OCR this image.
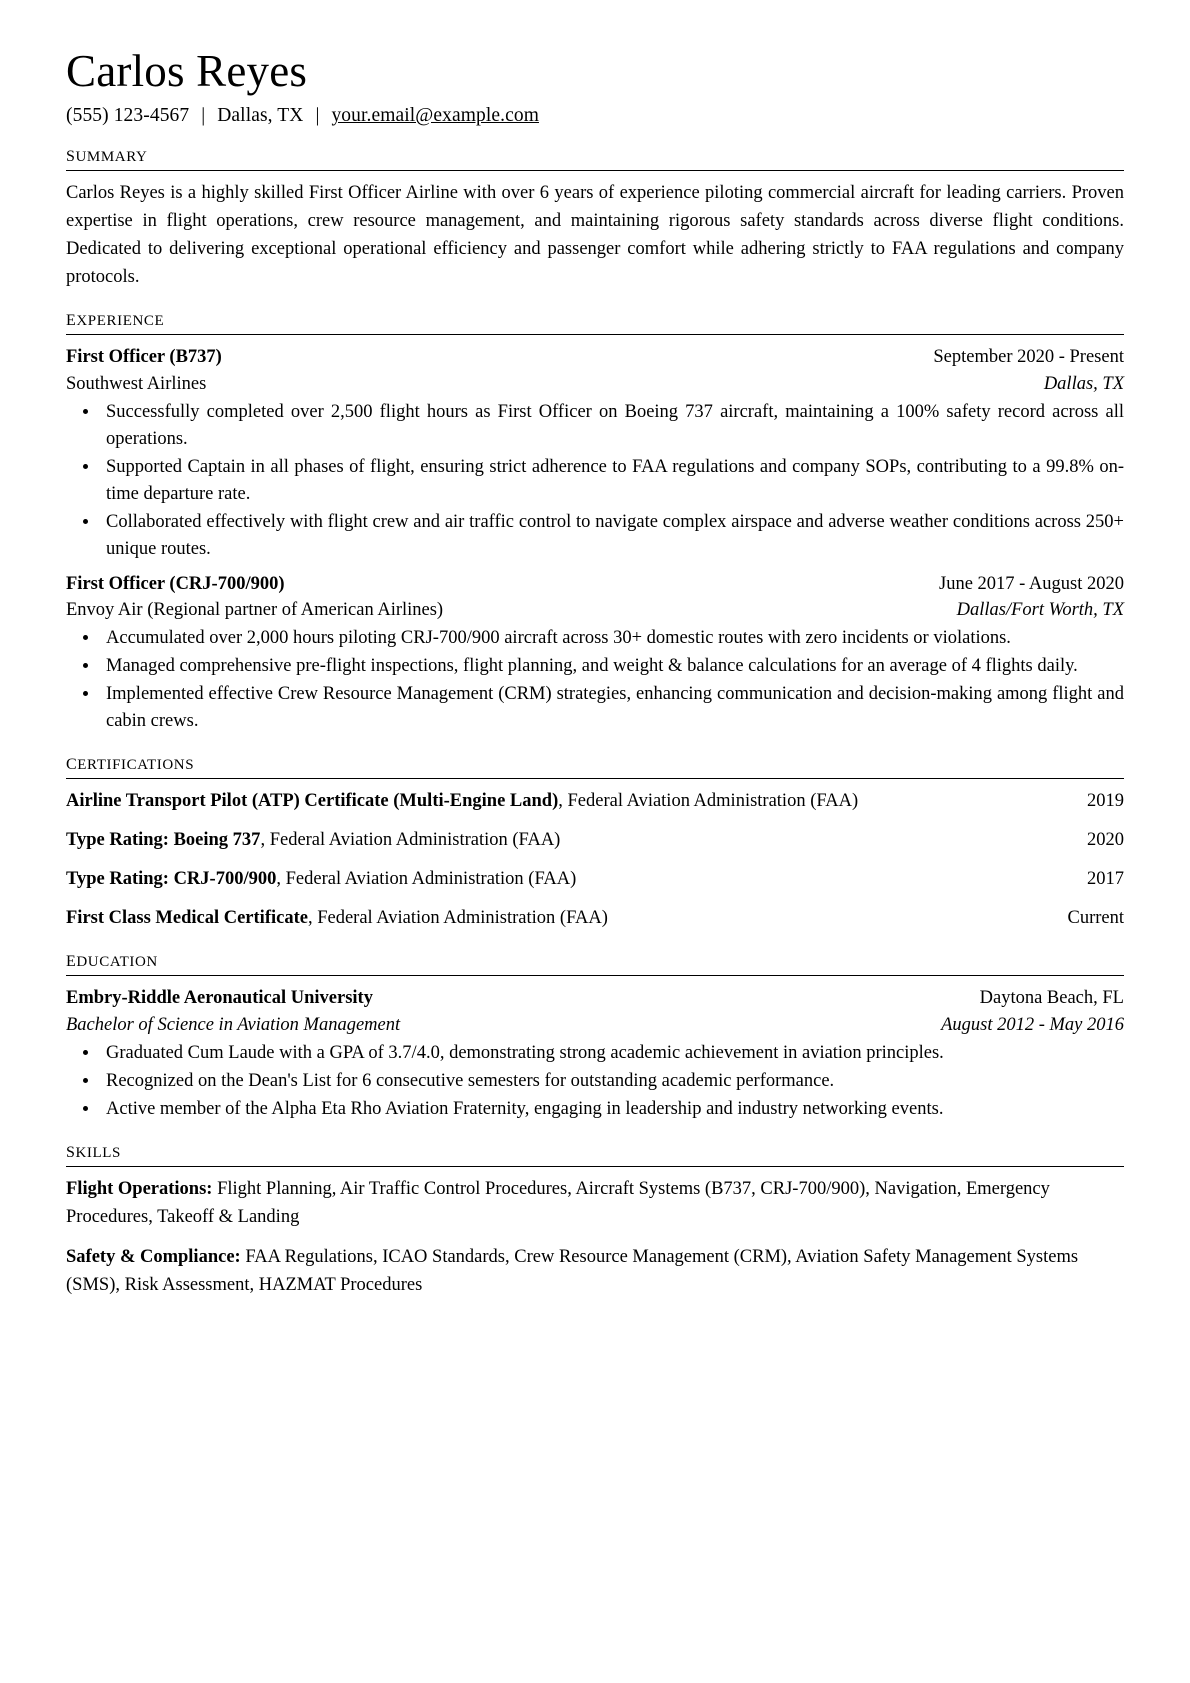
Carlos Reyes
(555) 123-4567 | Dallas, TX | your.email@example.com
summary

Carlos Reyes is a highly skilled First Officer Airline with over 6 years of experience piloting commercial aircraft for leading carriers. Proven expertise in flight operations, crew resource management, and maintaining rigorous safety standards across diverse flight conditions. Dedicated to delivering exceptional operational efficiency and passenger comfort while adhering strictly to FAA regulations and company protocols.

experience
First Officer (B737)	September 2020 - Present
Southwest Airlines	Dallas, TX
• Successfully completed over 2,500 flight hours as First Officer on Boeing 737 aircraft, maintaining a 100% safety record across all operations.
• Supported Captain in all phases of flight, ensuring strict adherence to FAA regulations and company SOPs, contributing to a 99.8% on-time departure rate.
• Collaborated effectively with flight crew and air traffic control to navigate complex airspace and adverse weather conditions across 250+ unique routes.
First Officer (CRJ-700/900)	June 2017 - August 2020
Envoy Air (Regional partner of American Airlines)	Dallas/Fort Worth, TX
• Accumulated over 2,000 hours piloting CRJ-700/900 aircraft across 30+ domestic routes with zero incidents or violations.
• Managed comprehensive pre-flight inspections, flight planning, and weight & balance calculations for an average of 4 flights daily.
• Implemented effective Crew Resource Management (CRM) strategies, enhancing communication and decision-making among flight and cabin crews.
certifications
Airline Transport Pilot (ATP) Certificate (Multi-Engine Land), Federal Aviation Administration (FAA)	2019
Type Rating: Boeing 737, Federal Aviation Administration (FAA)	2020
Type Rating: CRJ-700/900, Federal Aviation Administration (FAA)	2017
First Class Medical Certificate, Federal Aviation Administration (FAA)	Current
education
Embry-Riddle Aeronautical University	Daytona Beach, FL
Bachelor of Science in Aviation Management	August 2012 - May 2016
• Graduated Cum Laude with a GPA of 3.7/4.0, demonstrating strong academic achievement in aviation principles.
• Recognized on the Dean's List for 6 consecutive semesters for outstanding academic performance.
• Active member of the Alpha Eta Rho Aviation Fraternity, engaging in leadership and industry networking events.
skills
Flight Operations: Flight Planning, Air Traffic Control Procedures, Aircraft Systems (B737, CRJ-700/900), Navigation, Emergency Procedures, Takeoff & Landing
Safety & Compliance: FAA Regulations, ICAO Standards, Crew Resource Management (CRM), Aviation Safety Management Systems (SMS), Risk Assessment, HAZMAT Procedures
